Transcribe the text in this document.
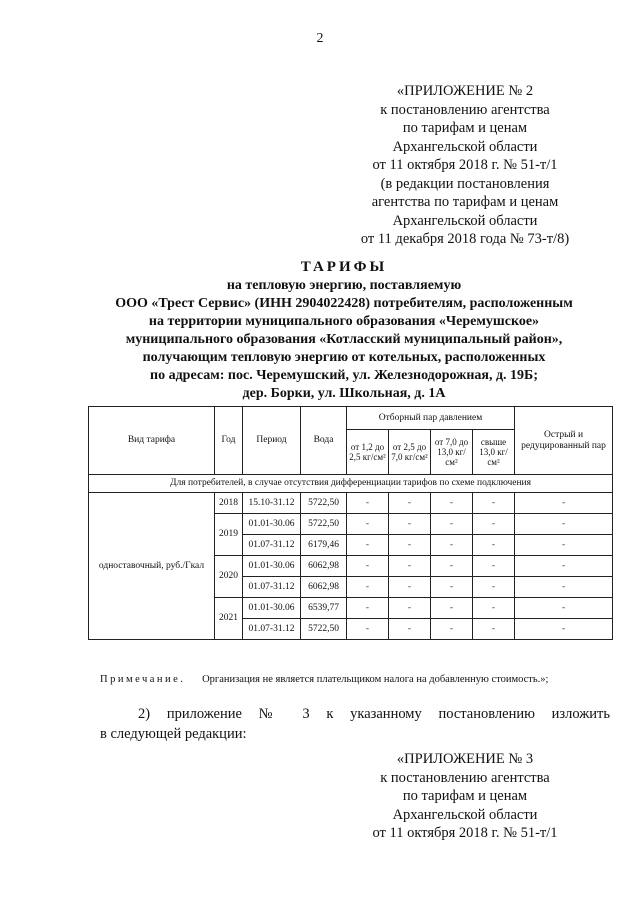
2
«ПРИЛОЖЕНИЕ № 2
к постановлению агентства
по тарифам и ценам
Архангельской области
от 11 октября 2018 г. № 51-т/1
(в редакции постановления
агентства по тарифам и ценам
Архангельской области
от 11 декабря 2018 года № 73-т/8)
ТАРИФЫ
на тепловую энергию, поставляемую
ООО «Трест Сервис» (ИНН 2904022428) потребителям, расположенным
на территории муниципального образования «Черемушское»
муниципального образования «Котласский муниципальный район»,
получающим тепловую энергию от котельных, расположенных
по адресам: пос. Черемушский, ул. Железнодорожная, д. 19Б;
дер. Борки, ул. Школьная, д. 1А
Вид тарифа	Год	Период	Вода	Отборный пар давлением				Острый и редуцированный пар
				от 1,2 до 2,5 кг/см²	от 2,5 до 7,0 кг/см²	от 7,0 до 13,0 кг/см²	свыше 13,0 кг/см²	
Для потребителей, в случае отсутствия дифференциации тарифов по схеме подключения								
одноставочный, руб./Гкал	2018	15.10-31.12	5722,50	-	-	-	-	-
	2019	01.01-30.06	5722,50	-	-	-	-	-
		01.07-31.12	6179,46	-	-	-	-	-
	2020	01.01-30.06	6062,98	-	-	-	-	-
		01.07-31.12	6062,98	-	-	-	-	-
	2021	01.01-30.06	6539,77	-	-	-	-	-
		01.07-31.12	5722,50	-	-	-	-	-
Примечание. Организация не является плательщиком налога на добавленную стоимость.»;
2) приложение № 3 к указанному постановлению изложить
в следующей редакции:
«ПРИЛОЖЕНИЕ № 3
к постановлению агентства
по тарифам и ценам
Архангельской области
от 11 октября 2018 г. № 51-т/1
